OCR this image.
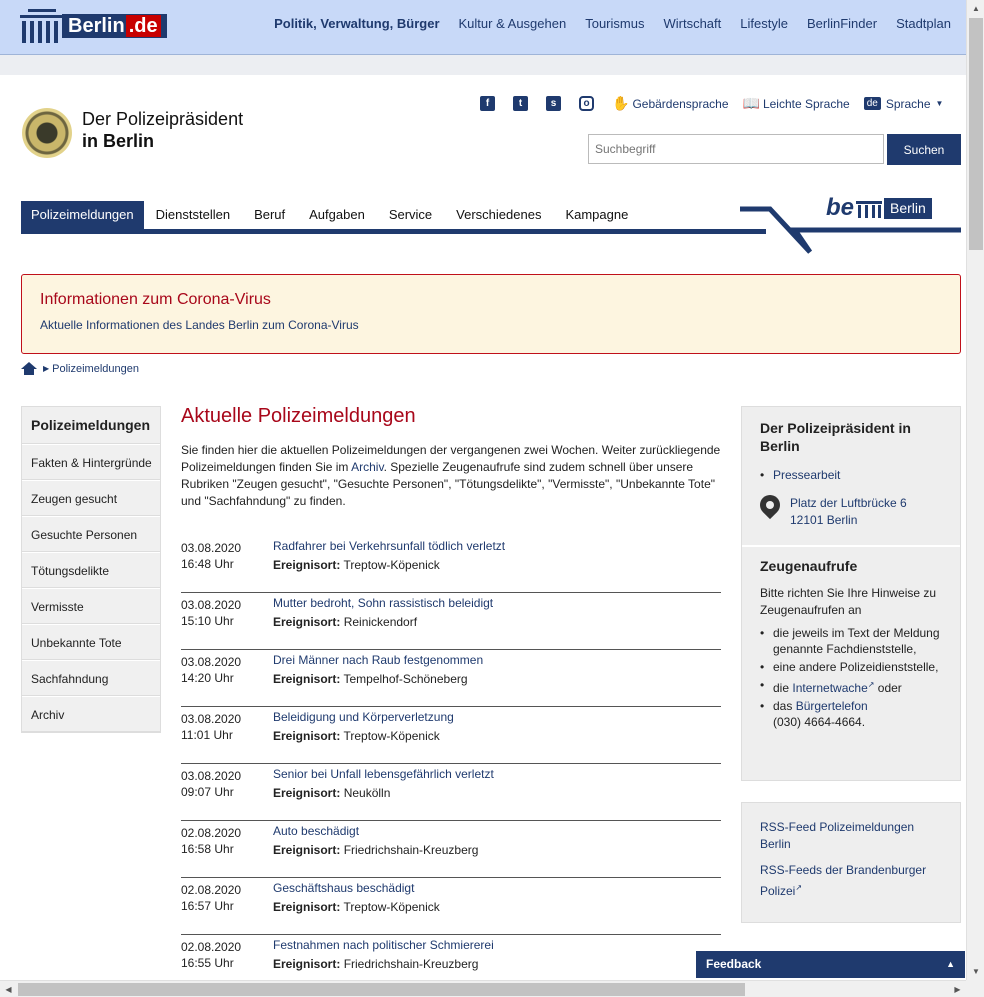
Berlin .de	Politik, Verwaltung, Bürger Kultur & Ausgehen Tourismus Wirtschaft Lifestyle BerlinFinder Stadtplan
Der Polizeipräsident
in Berlin
f	t	s	o	✋ Gebärdensprache 📖 Leichte Sprache	de Sprache ▼
Suchbegriff
Suchen
Polizeimeldungen	Dienststellen	Beruf	Aufgaben	Service	Verschiedenes	Kampagne	be	Berlin
Informationen zum Corona-Virus
Aktuelle Informationen des Landes Berlin zum Corona-Virus
▶ Polizeimeldungen
Polizeimeldungen
Fakten & Hintergründe
Zeugen gesucht
Gesuchte Personen
Tötungsdelikte
Vermisste
Unbekannte Tote
Sachfahndung
Archiv
Aktuelle Polizeimeldungen

Sie finden hier die aktuellen Polizeimeldungen der vergangenen zwei Wochen. Weiter zurückliegende Polizeimeldungen finden Sie im Archiv. Spezielle Zeugenaufrufe sind zudem schnell über unsere Rubriken "Zeugen gesucht", "Gesuchte Personen", "Tötungsdelikte", "Vermisste", "Unbekannte Tote" und "Sachfahndung" zu finden.

03.08.2020
16:48 Uhr
Radfahrer bei Verkehrsunfall tödlich verletzt
Ereignisort: Treptow-Köpenick
03.08.2020
15:10 Uhr
Mutter bedroht, Sohn rassistisch beleidigt
Ereignisort: Reinickendorf
03.08.2020
14:20 Uhr
Drei Männer nach Raub festgenommen
Ereignisort: Tempelhof-Schöneberg
03.08.2020
11:01 Uhr
Beleidigung und Körperverletzung
Ereignisort: Treptow-Köpenick
03.08.2020
09:07 Uhr
Senior bei Unfall lebensgefährlich verletzt
Ereignisort: Neukölln
02.08.2020
16:58 Uhr
Auto beschädigt
Ereignisort: Friedrichshain-Kreuzberg
02.08.2020
16:57 Uhr
Geschäftshaus beschädigt
Ereignisort: Treptow-Köpenick
02.08.2020
16:55 Uhr
Festnahmen nach politischer Schmiererei
Ereignisort: Friedrichshain-Kreuzberg
Der Polizeipräsident in Berlin
• Pressearbeit
Platz der Luftbrücke 6
12101 Berlin
Zeugenaufrufe

Bitte richten Sie Ihre Hinweise zu Zeugenaufrufen an

• die jeweils im Text der Meldung genannte Fachdienststelle,
• eine andere Polizeidienststelle,
• die Internetwache↗ oder
• das Bürgertelefon
(030) 4664-4664.
RSS-Feed Polizeimeldungen Berlin
RSS-Feeds der Brandenburger Polizei↗
Feedback	▲
▲
▼
◀	▶
